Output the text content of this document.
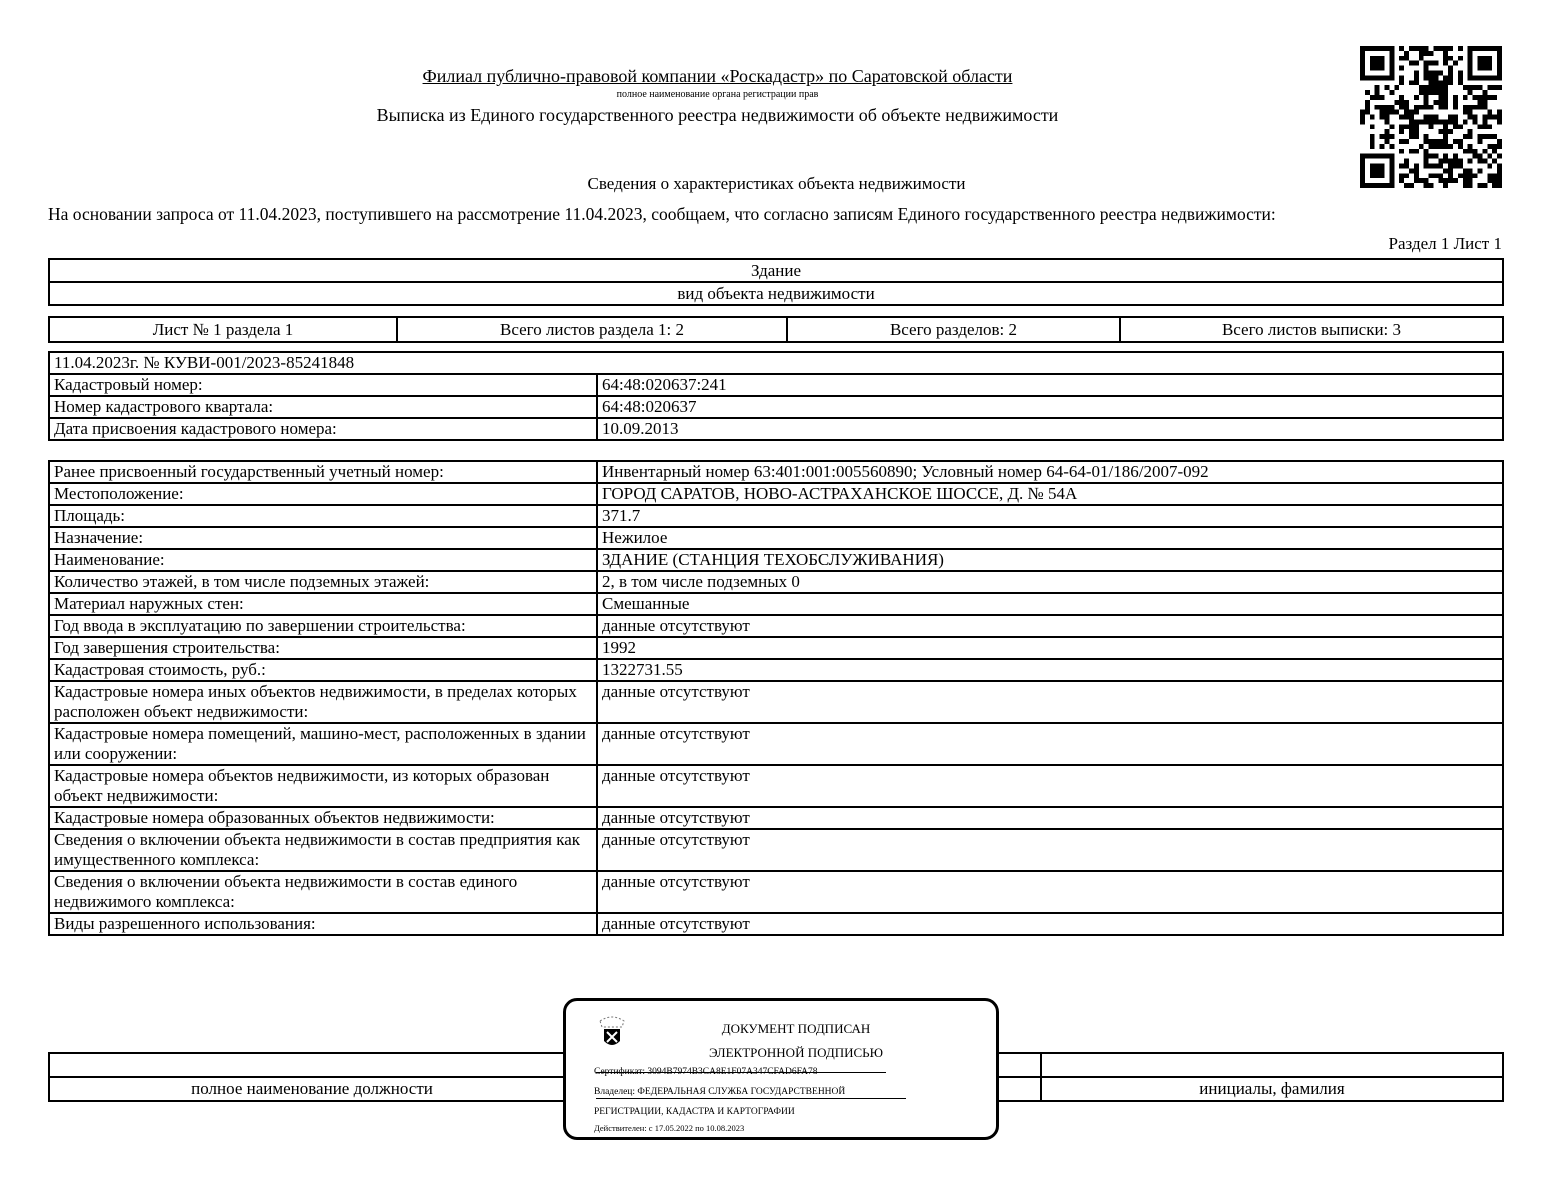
Филиал публично-правовой компании «Роскадастр» по Саратовской области
полное наименование органа регистрации прав
Выписка из Единого государственного реестра недвижимости об объекте недвижимости
Сведения о характеристиках объекта недвижимости
На основании запроса от 11.04.2023, поступившего на рассмотрение 11.04.2023, сообщаем, что согласно записям Единого государственного реестра недвижимости:
Раздел 1 Лист 1
Здание
вид объекта недвижимости
Лист № 1 раздела 1	Всего листов раздела 1: 2	Всего разделов: 2	Всего листов выписки: 3
11.04.2023г. № КУВИ-001/2023-85241848	
Кадастровый номер:	64:48:020637:241
Номер кадастрового квартала:	64:48:020637
Дата присвоения кадастрового номера:	10.09.2013
Ранее присвоенный государственный учетный номер:	Инвентарный номер 63:401:001:005560890; Условный номер 64-64-01/186/2007-092
Местоположение:	ГОРОД САРАТОВ, НОВО-АСТРАХАНСКОЕ ШОССЕ, Д. № 54А
Площадь:	371.7
Назначение:	Нежилое
Наименование:	ЗДАНИЕ (СТАНЦИЯ ТЕХОБСЛУЖИВАНИЯ)
Количество этажей, в том числе подземных этажей:	2, в том числе подземных 0
Материал наружных стен:	Смешанные
Год ввода в эксплуатацию по завершении строительства:	данные отсутствуют
Год завершения строительства:	1992
Кадастровая стоимость, руб.:	1322731.55
Кадастровые номера иных объектов недвижимости, в пределах которых расположен объект недвижимости:	данные отсутствуют
Кадастровые номера помещений, машино-мест, расположенных в здании или сооружении:	данные отсутствуют
Кадастровые номера объектов недвижимости, из которых образован объект недвижимости:	данные отсутствуют
Кадастровые номера образованных объектов недвижимости:	данные отсутствуют
Сведения о включении объекта недвижимости в состав предприятия как имущественного комплекса:	данные отсутствуют
Сведения о включении объекта недвижимости в состав единого недвижимого комплекса:	данные отсутствуют
Виды разрешенного использования:	данные отсутствуют

полное наименование должности		инициалы, фамилия
ДОКУМЕНТ ПОДПИСАН
ЭЛЕКТРОННОЙ ПОДПИСЬЮ
Сертификат: 3094B7974B3CA8E1F07A347CFAD6FA78
Владелец: ФЕДЕРАЛЬНАЯ СЛУЖБА ГОСУДАРСТВЕННОЙ
РЕГИСТРАЦИИ, КАДАСТРА И КАРТОГРАФИИ
Действителен: с 17.05.2022 по 10.08.2023
